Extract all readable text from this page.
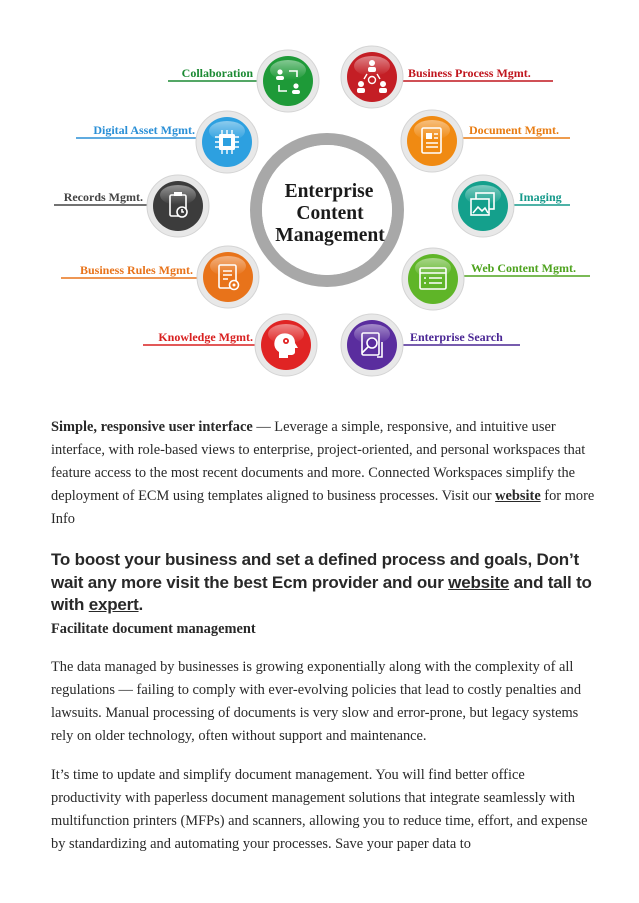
Enterprise
Content
Management
Collaboration
Digital Asset Mgmt.
Records Mgmt.
Business Rules Mgmt.
Knowledge Mgmt.
Business Process Mgmt.
Document Mgmt.
Imaging
Web Content Mgmt.
Enterprise Search

Simple, responsive user interface — Leverage a simple, responsive, and intuitive user interface, with role-based views to enterprise, project-oriented, and personal workspaces that feature access to the most recent documents and more. Connected Workspaces simplify the deployment of ECM using templates aligned to business processes. Visit our website for more Info

To boost your business and set a defined process and goals, Don’t wait any more visit the best Ecm provider and our website and tall to with expert.
Facilitate document management

The data managed by businesses is growing exponentially along with the complexity of all regulations — failing to comply with ever-evolving policies that lead to costly penalties and lawsuits. Manual processing of documents is very slow and error-prone, but legacy systems rely on older technology, often without support and maintenance.

It’s time to update and simplify document management. You will find better office productivity with paperless document management solutions that integrate seamlessly with multifunction printers (MFPs) and scanners, allowing you to reduce time, effort, and expense by standardizing and automating your processes. Save your paper data to
